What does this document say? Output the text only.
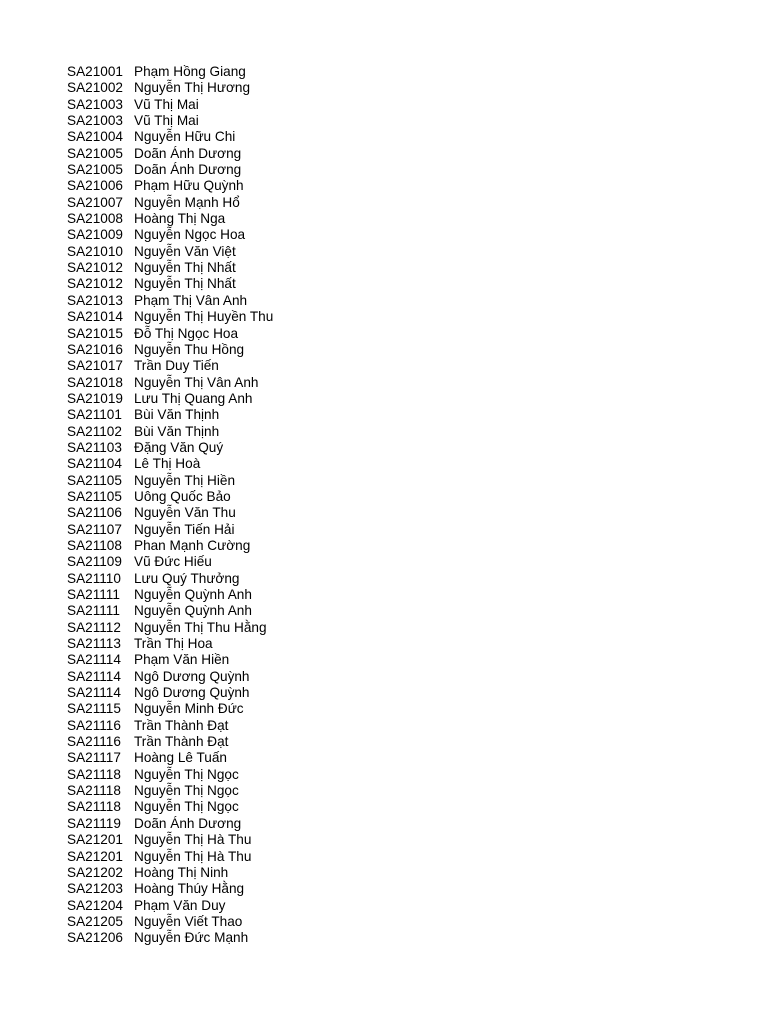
SA21001 Phạm Hồng Giang
SA21002 Nguyễn Thị Hương
SA21003 Vũ Thị Mai
SA21003 Vũ Thị Mai
SA21004 Nguyễn Hữu Chi
SA21005 Doãn Ánh Dương
SA21005 Doãn Ánh Dương
SA21006 Phạm Hữu Quỳnh
SA21007 Nguyễn Mạnh Hổ
SA21008 Hoàng Thị Nga
SA21009 Nguyễn Ngọc Hoa
SA21010 Nguyễn Văn Việt
SA21012 Nguyễn Thị Nhất
SA21012 Nguyễn Thị Nhất
SA21013 Phạm Thị Vân Anh
SA21014 Nguyễn Thị Huyền Thu
SA21015 Đỗ Thị Ngọc Hoa
SA21016 Nguyễn Thu Hồng
SA21017 Trần Duy Tiến
SA21018 Nguyễn Thị Vân Anh
SA21019 Lưu Thị Quang Anh
SA21101 Bùi Văn Thịnh
SA21102 Bùi Văn Thịnh
SA21103 Đặng Văn Quý
SA21104 Lê Thị Hoà
SA21105 Nguyễn Thị Hiền
SA21105 Uông Quốc Bảo
SA21106 Nguyễn Văn Thu
SA21107 Nguyễn Tiến Hải
SA21108 Phan Mạnh Cường
SA21109 Vũ Đức Hiếu
SA21110 Lưu Quý Thưởng
SA21111	Nguyễn Quỳnh Anh
SA21111	Nguyễn Quỳnh Anh
SA21112 Nguyễn Thị Thu Hằng
SA21113 Trần Thị Hoa
SA21114 Phạm Văn Hiền
SA21114 Ngô Dương Quỳnh
SA21114 Ngô Dương Quỳnh
SA21115 Nguyễn Minh Đức
SA21116 Trần Thành Đạt
SA21116 Trần Thành Đạt
SA21117 Hoàng Lê Tuấn
SA21118 Nguyễn Thị Ngọc
SA21118 Nguyễn Thị Ngọc
SA21118 Nguyễn Thị Ngọc
SA21119 Doãn Ánh Dương
SA21201 Nguyễn Thị Hà Thu
SA21201 Nguyễn Thị Hà Thu
SA21202 Hoàng Thị Ninh
SA21203 Hoàng Thúy Hằng
SA21204 Phạm Văn Duy
SA21205 Nguyễn Viết Thao
SA21206 Nguyễn Đức Mạnh
